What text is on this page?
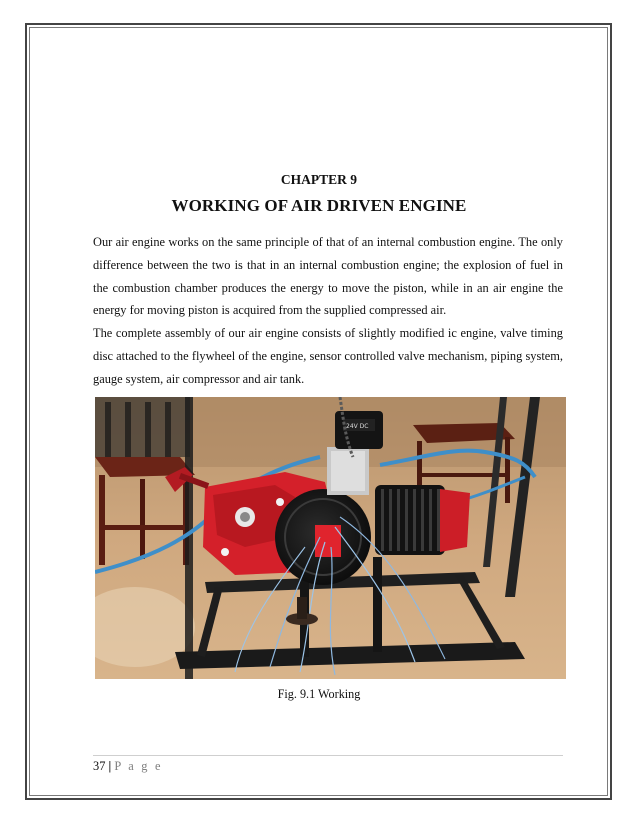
CHAPTER 9
WORKING OF AIR DRIVEN ENGINE

Our air engine works on the same principle of that of an internal combustion engine. The only difference between the two is that in an internal combustion engine; the explosion of fuel in the combustion chamber produces the energy to move the piston, while in an air engine the energy for moving piston is acquired from the supplied compressed air.

The complete assembly of our air engine consists of slightly modified ic engine, valve timing disc attached to the flywheel of the engine, sensor controlled valve mechanism, piping system, gauge system, air compressor and air tank.

24V DC
Fig. 9.1 Working
37 | P a g e
